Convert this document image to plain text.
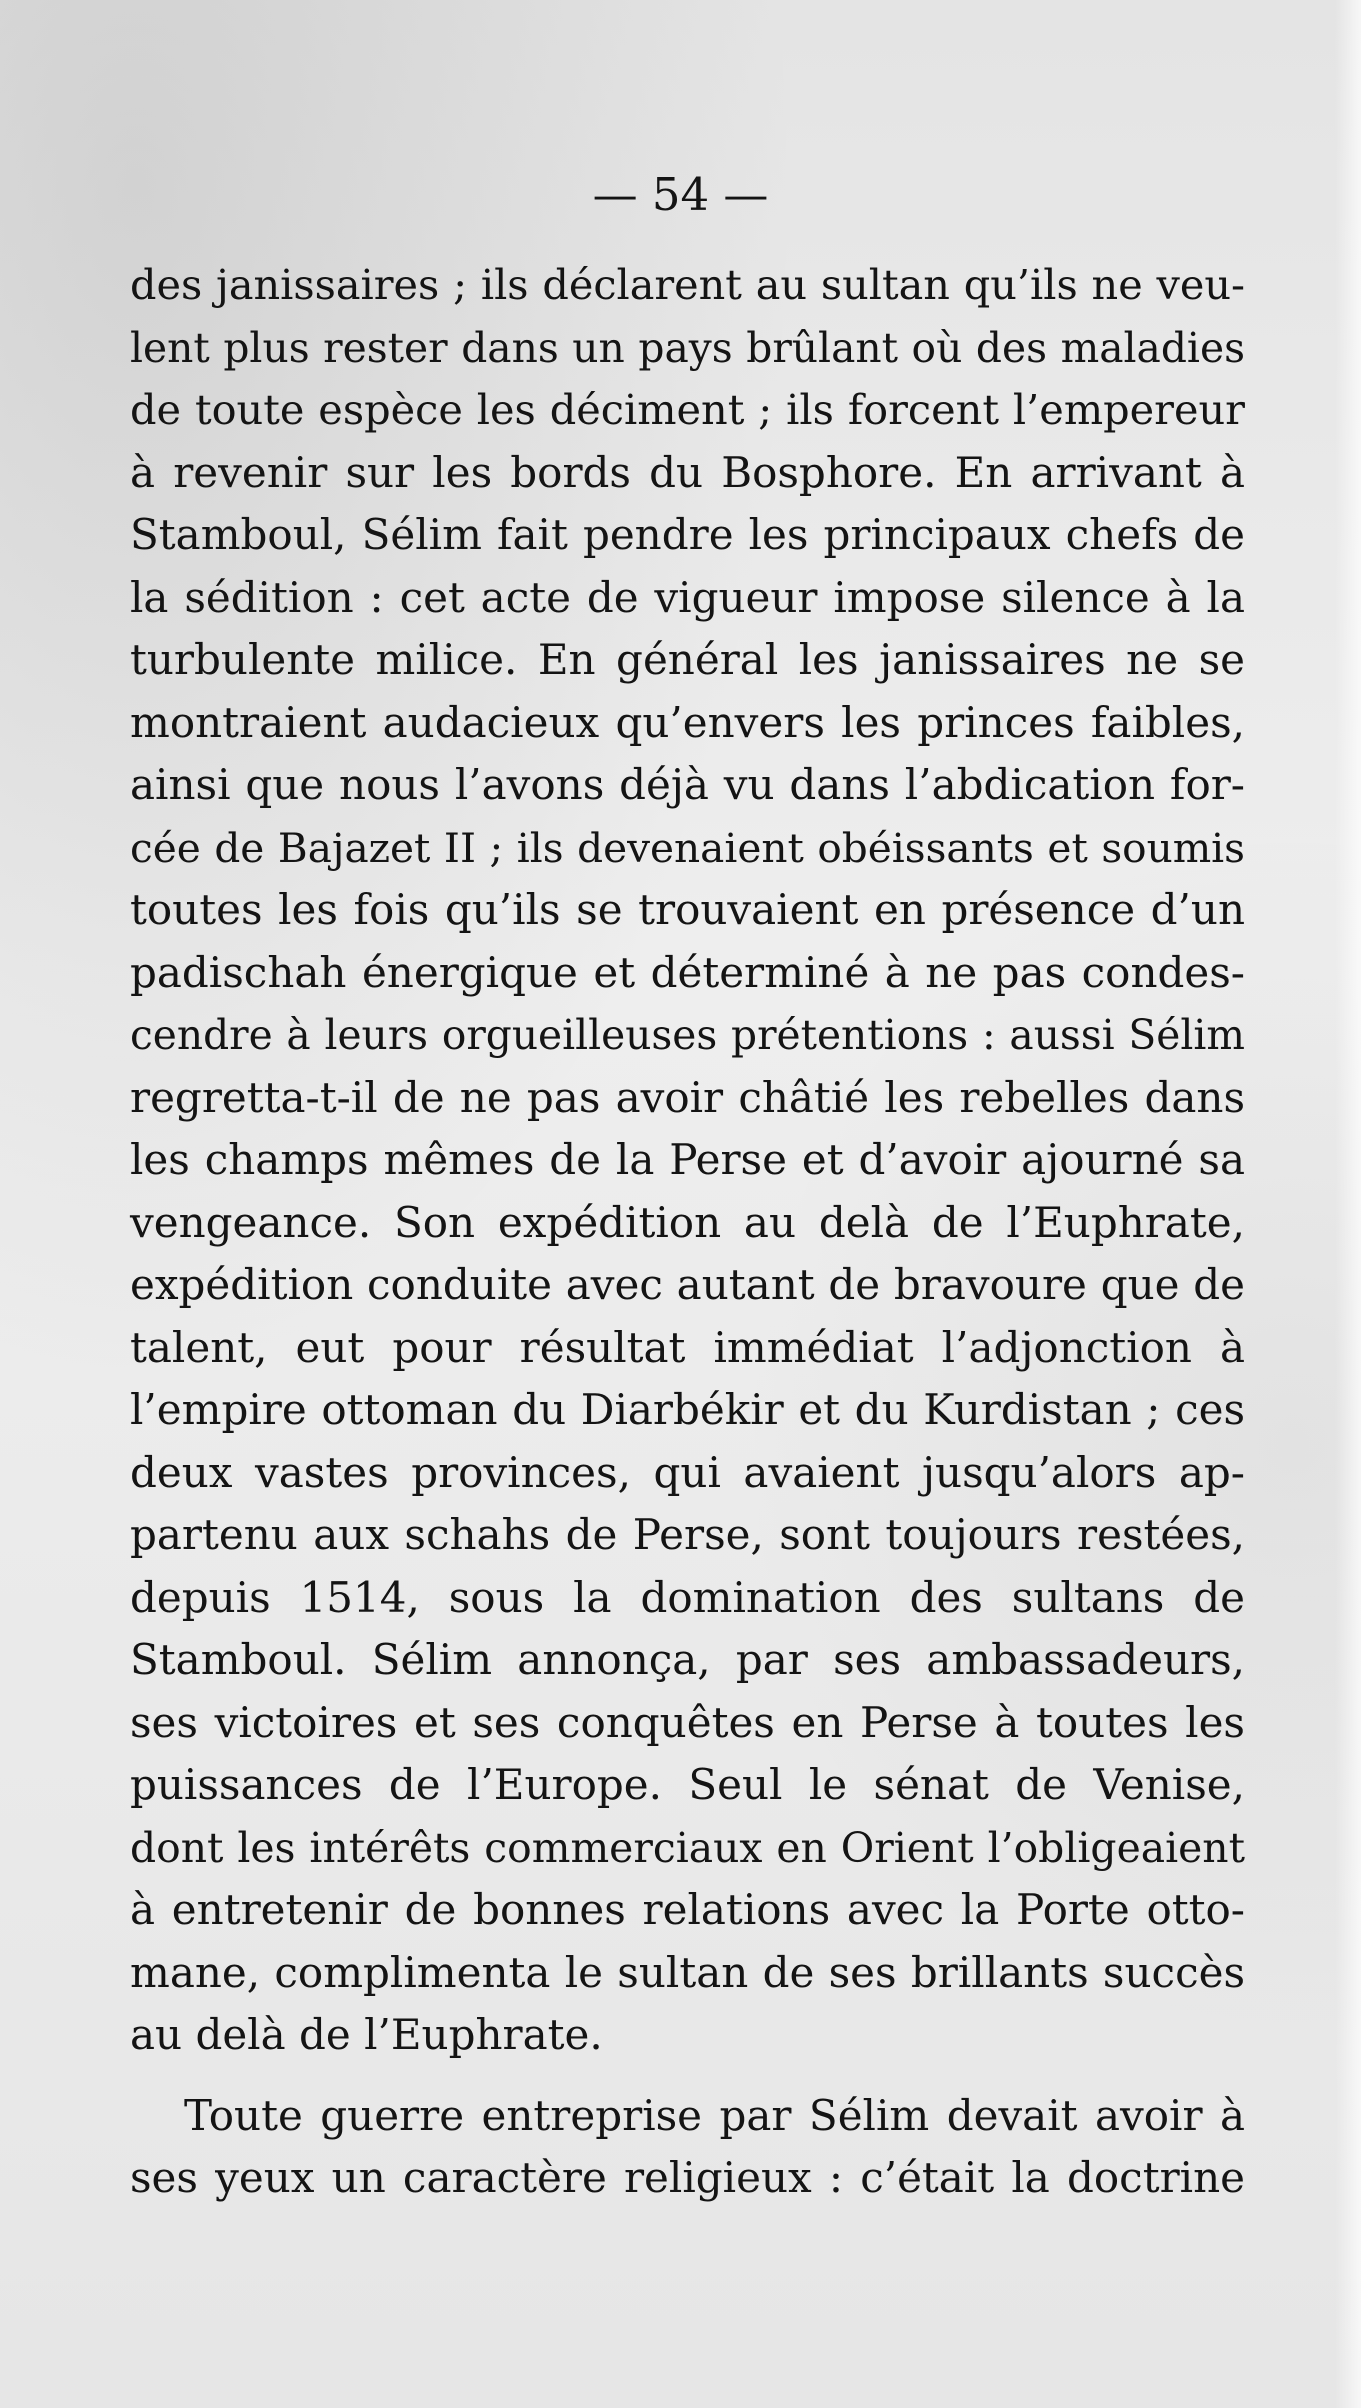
— 54 —
des janissaires ; ils déclarent au sultan qu’ils ne veu-
lent plus rester dans un pays brûlant où des maladies
de toute espèce les déciment ; ils forcent l’empereur
à revenir sur les bords du Bosphore. En arrivant à
Stamboul, Sélim fait pendre les principaux chefs de
la sédition : cet acte de vigueur impose silence à la
turbulente milice. En général les janissaires ne se
montraient audacieux qu’envers les princes faibles,
ainsi que nous l’avons déjà vu dans l’abdication for-
cée de Bajazet II ; ils devenaient obéissants et soumis
toutes les fois qu’ils se trouvaient en présence d’un
padischah énergique et déterminé à ne pas condes-
cendre à leurs orgueilleuses prétentions : aussi Sélim
regretta-t-il de ne pas avoir châtié les rebelles dans
les champs mêmes de la Perse et d’avoir ajourné sa
vengeance. Son expédition au delà de l’Euphrate,
expédition conduite avec autant de bravoure que de
talent, eut pour résultat immédiat l’adjonction à
l’empire ottoman du Diarbékir et du Kurdistan ; ces
deux vastes provinces, qui avaient jusqu’alors ap-
partenu aux schahs de Perse, sont toujours restées,
depuis 1514, sous la domination des sultans de
Stamboul. Sélim annonça, par ses ambassadeurs,
ses victoires et ses conquêtes en Perse à toutes les
puissances de l’Europe. Seul le sénat de Venise,
dont les intérêts commerciaux en Orient l’obligeaient
à entretenir de bonnes relations avec la Porte otto-
mane, complimenta le sultan de ses brillants succès
au delà de l’Euphrate.
Toute guerre entreprise par Sélim devait avoir à
ses yeux un caractère religieux : c’était la doctrine
